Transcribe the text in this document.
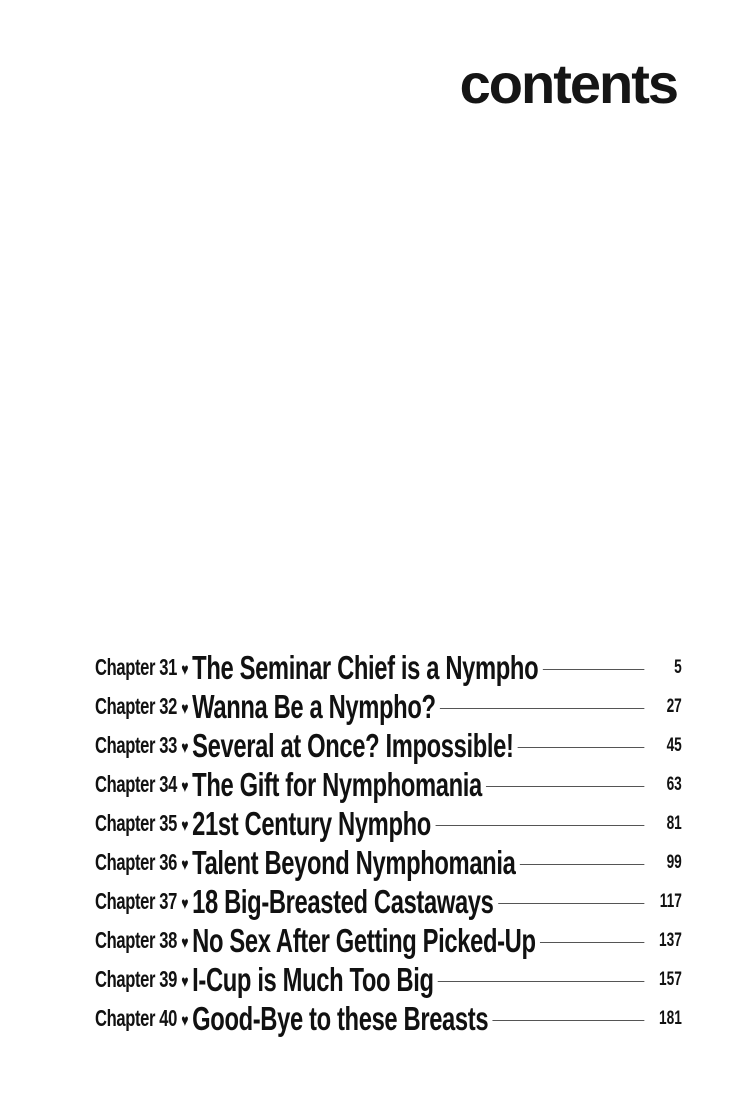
contents
Chapter 31 ♥ The Seminar Chief is a Nympho	5
Chapter 32 ♥ Wanna Be a Nympho?	27
Chapter 33 ♥ Several at Once? Impossible!	45
Chapter 34 ♥ The Gift for Nymphomania	63
Chapter 35 ♥ 21st Century Nympho	81
Chapter 36 ♥ Talent Beyond Nymphomania	99
Chapter 37 ♥ 18 Big-Breasted Castaways	117
Chapter 38 ♥ No Sex After Getting Picked-Up	137
Chapter 39 ♥ I-Cup is Much Too Big	157
Chapter 40 ♥ Good-Bye to these Breasts	181
